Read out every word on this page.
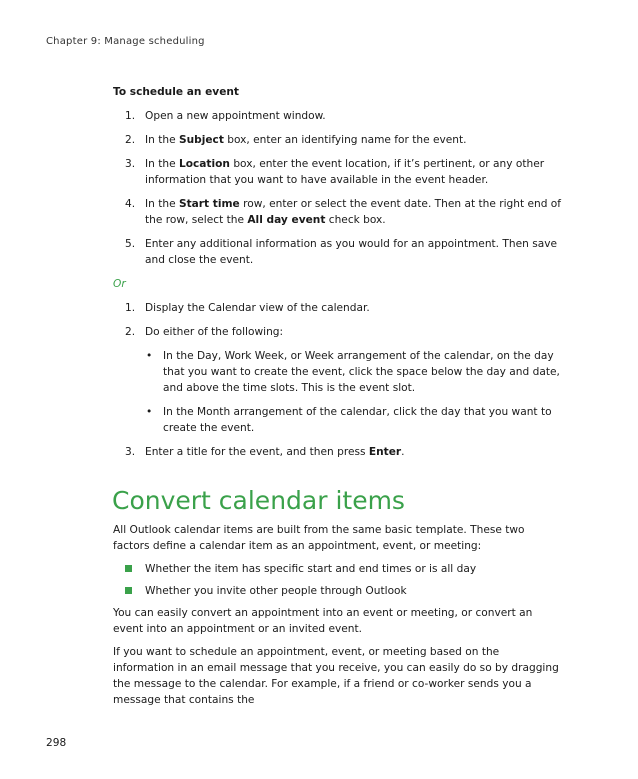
Chapter 9: Manage scheduling
To schedule an event
1. Open a new appointment window.
2. In the Subject box, enter an identifying name for the event.
3. In the Location box, enter the event location, if it’s pertinent, or any other information that you want to have available in the event header.
4. In the Start time row, enter or select the event date. Then at the right end of the row, select the All day event check box.
5. Enter any additional information as you would for an appointment. Then save and close the event.
Or
1. Display the Calendar view of the calendar.
2. Do either of the following:
• In the Day, Work Week, or Week arrangement of the calendar, on the day that you want to create the event, click the space below the day and date, and above the time slots. This is the event slot.
• In the Month arrangement of the calendar, click the day that you want to create the event.
3. Enter a title for the event, and then press Enter.
Convert calendar items
All Outlook calendar items are built from the same basic template. These two factors define a calendar item as an appointment, event, or meeting:
Whether the item has specific start and end times or is all day
Whether you invite other people through Outlook
You can easily convert an appointment into an event or meeting, or convert an event into an appointment or an invited event.
If you want to schedule an appointment, event, or meeting based on the information in an email message that you receive, you can easily do so by dragging the message to the calendar. For example, if a friend or co-worker sends you a message that contains the
298
